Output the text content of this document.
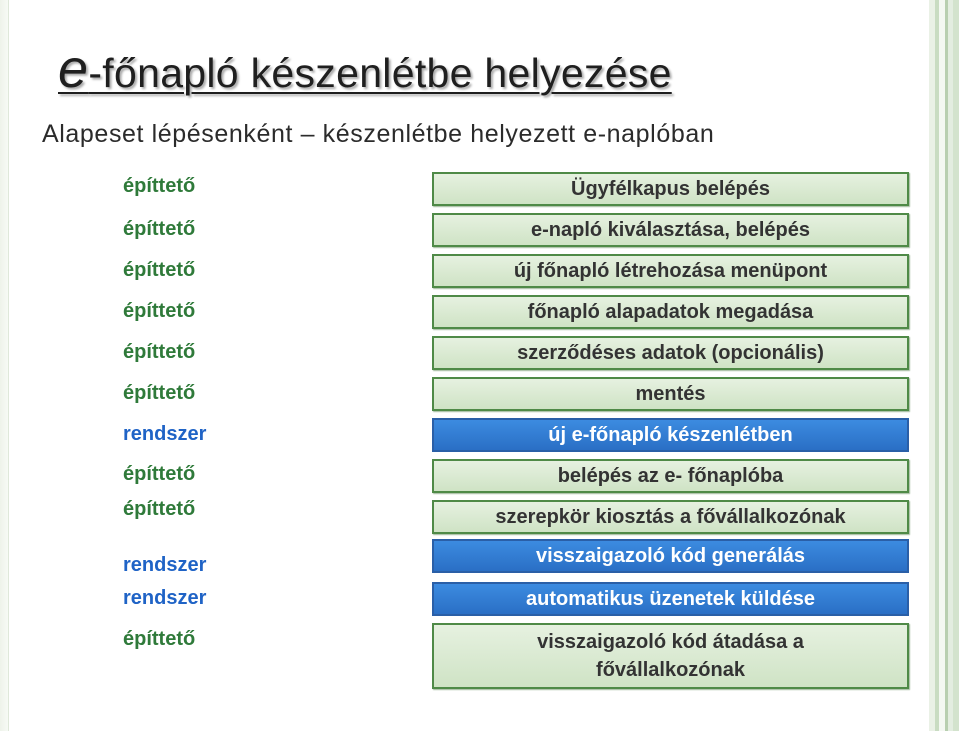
e-főnapló készenlétbe helyezése
Alapeset lépésenként – készenlétbe helyezett e-naplóban
építtető
építtető
építtető
építtető
építtető
építtető
rendszer
építtető
építtető
rendszer
rendszer
építtető
Ügyfélkapus belépés
e-napló kiválasztása, belépés
új főnapló létrehozása menüpont
főnapló alapadatok megadása
szerződéses adatok (opcionális)
mentés
új e-főnapló készenlétben
belépés az e- főnaplóba
szerepkör kiosztás a fővállalkozónak
visszaigazoló kód generálás
automatikus üzenetek küldése
visszaigazoló kód átadása a
fővállalkozónak
